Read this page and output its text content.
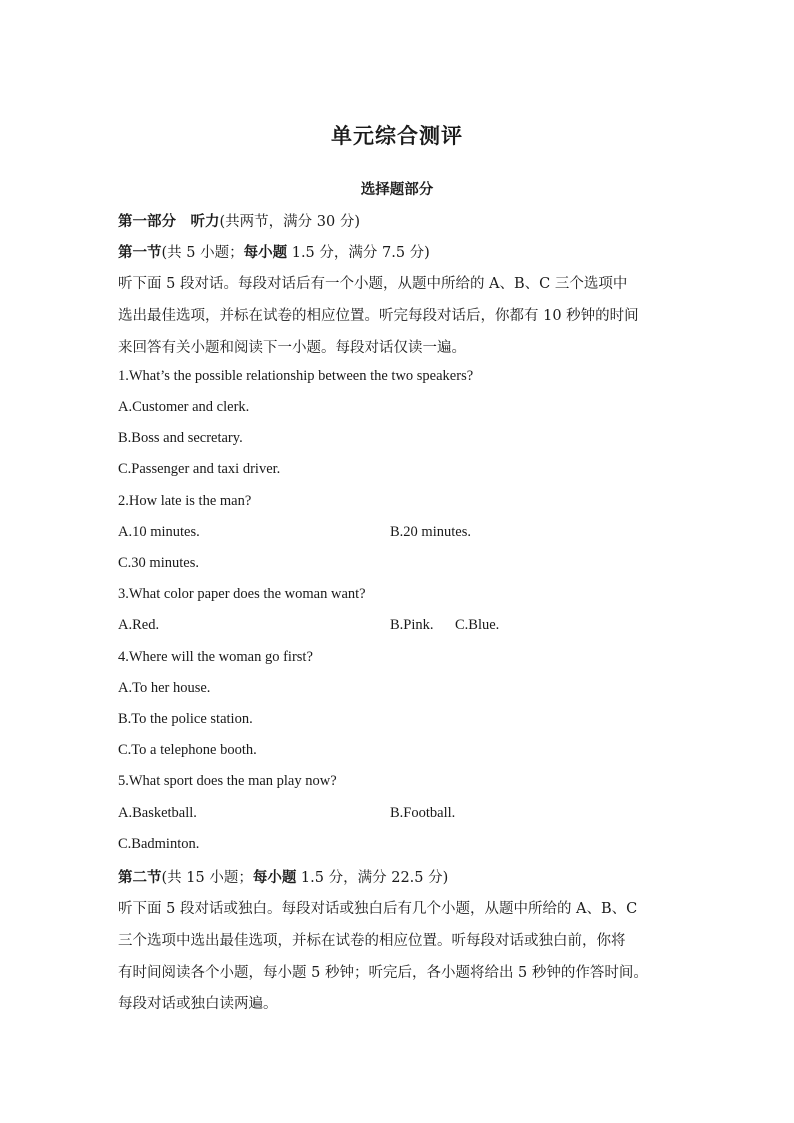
单元综合测评
选择题部分
第一部分　听力(共两节，满分 30 分)
第一节(共 5 小题；每小题 1.5 分，满分 7.5 分)
听下面 5 段对话。每段对话后有一个小题，从题中所给的 A、B、C 三个选项中
选出最佳选项，并标在试卷的相应位置。听完每段对话后，你都有 10 秒钟的时间
来回答有关小题和阅读下一小题。每段对话仅读一遍。
1.What’s the possible relationship between the two speakers?
A.Customer and clerk.
B.Boss and secretary.
C.Passenger and taxi driver.
2.How late is the man?
A.10 minutes.	B.20 minutes.
C.30 minutes.
3.What color paper does the woman want?
A.Red.	B.Pink. C.Blue.
4.Where will the woman go first?
A.To her house.
B.To the police station.
C.To a telephone booth.
5.What sport does the man play now?
A.Basketball.	B.Football.
C.Badminton.
第二节(共 15 小题；每小题 1.5 分，满分 22.5 分)
听下面 5 段对话或独白。每段对话或独白后有几个小题，从题中所给的 A、B、C
三个选项中选出最佳选项，并标在试卷的相应位置。听每段对话或独白前，你将
有时间阅读各个小题，每小题 5 秒钟；听完后，各小题将给出 5 秒钟的作答时间。
每段对话或独白读两遍。
